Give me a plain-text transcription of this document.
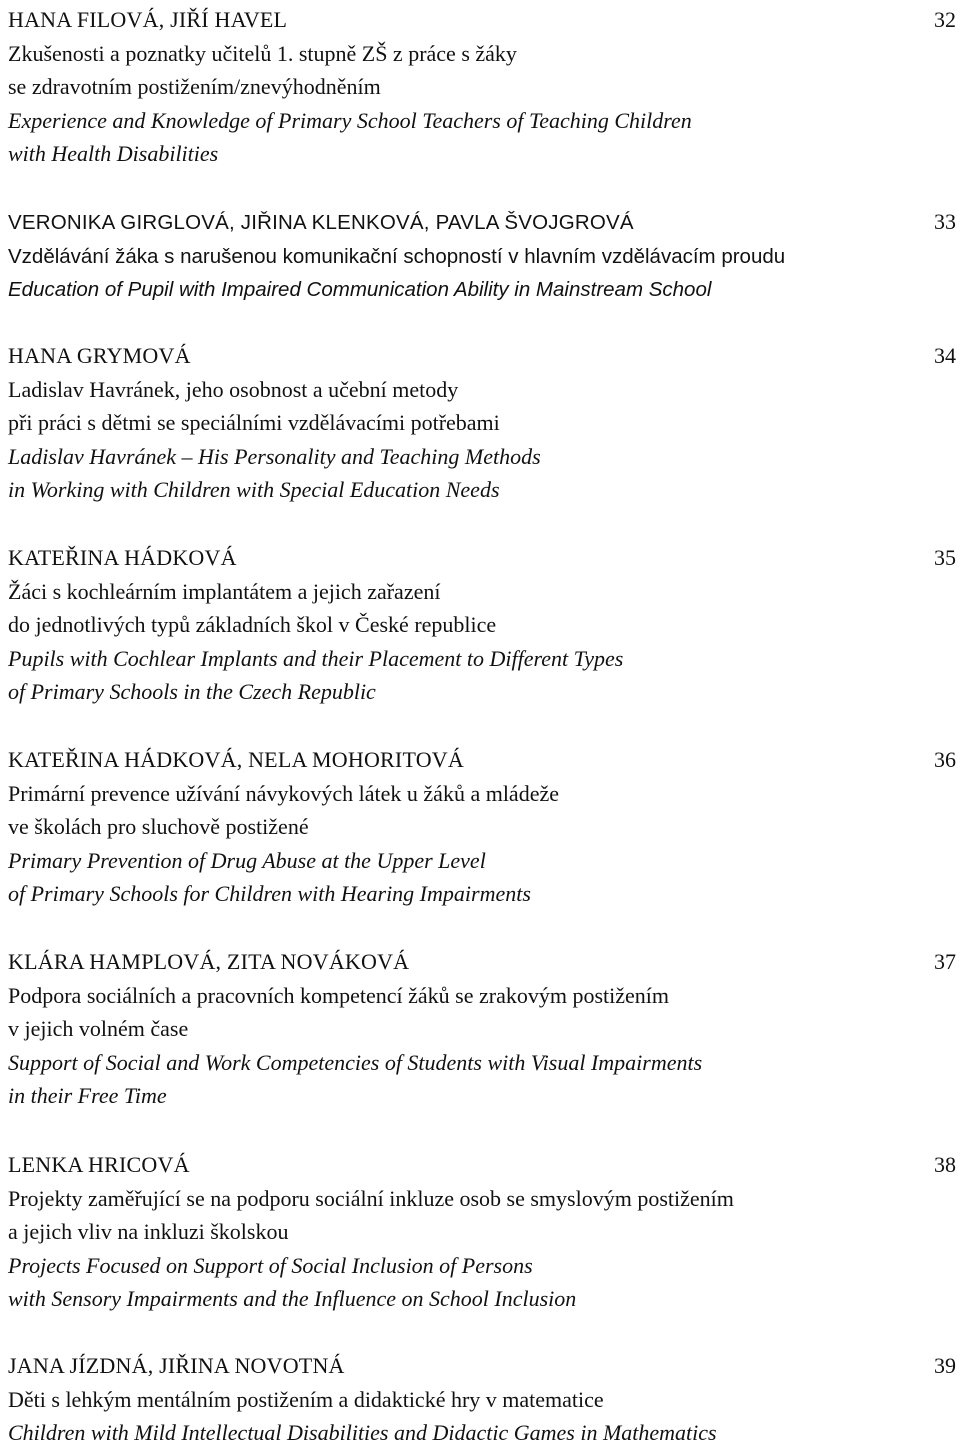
HANA FILOVÁ, JIŘÍ HAVEL	32
Zkušenosti a poznatky učitelů 1. stupně ZŠ z práce s žáky
se zdravotním postižením/znevýhodněním
Experience and Knowledge of Primary School Teachers of Teaching Children
with Health Disabilities
VERONIKA GIRGLOVÁ, JIŘINA KLENKOVÁ, PAVLA ŠVOJGROVÁ	33
Vzdělávání žáka s narušenou komunikační schopností v hlavním vzdělávacím proudu
Education of Pupil with Impaired Communication Ability in Mainstream School
HANA GRYMOVÁ	34
Ladislav Havránek, jeho osobnost a učební metody
při práci s dětmi se speciálními vzdělávacími potřebami
Ladislav Havránek – His Personality and Teaching Methods
in Working with Children with Special Education Needs
KATEŘINA HÁDKOVÁ	35
Žáci s kochleárním implantátem a jejich zařazení
do jednotlivých typů základních škol v České republice
Pupils with Cochlear Implants and their Placement to Different Types
of Primary Schools in the Czech Republic
KATEŘINA HÁDKOVÁ, NELA MOHORITOVÁ	36
Primární prevence užívání návykových látek u žáků a mládeže
ve školách pro sluchově postižené
Primary Prevention of Drug Abuse at the Upper Level
of Primary Schools for Children with Hearing Impairments
KLÁRA HAMPLOVÁ, ZITA NOVÁKOVÁ	37
Podpora sociálních a pracovních kompetencí žáků se zrakovým postižením
v jejich volném čase
Support of Social and Work Competencies of Students with Visual Impairments
in their Free Time
LENKA HRICOVÁ	38
Projekty zaměřující se na podporu sociální inkluze osob se smyslovým postižením
a jejich vliv na inkluzi školskou
Projects Focused on Support of Social Inclusion of Persons
with Sensory Impairments and the Influence on School Inclusion
JANA JÍZDNÁ, JIŘINA NOVOTNÁ	39
Děti s lehkým mentálním postižením a didaktické hry v matematice
Children with Mild Intellectual Disabilities and Didactic Games in Mathematics
